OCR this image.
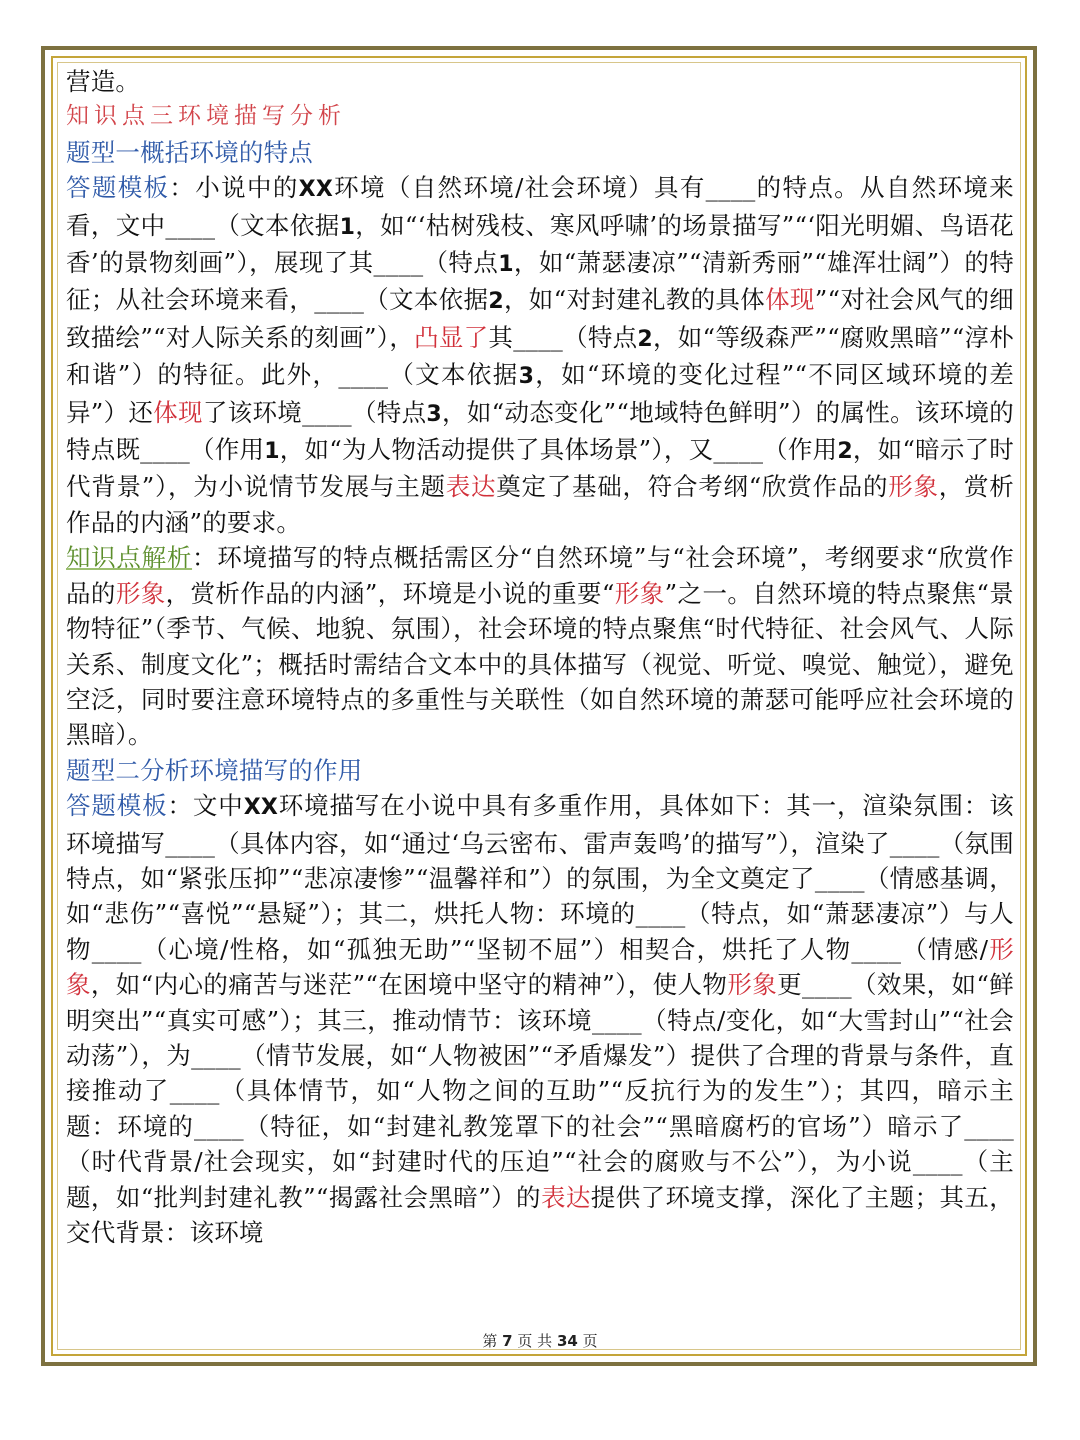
营造。

知识点三环境描写分析

题型一概括环境的特点

答题模板：小说中的XX环境（自然环境/社会环境）具有____的特点。从自然环境来看，文中____（文本依据1，如“‘枯树残枝、寒风呼啸’的场景描写”“‘阳光明媚、鸟语花香’的景物刻画”），展现了其____（特点1，如“萧瑟凄凉”“清新秀丽”“雄浑壮阔”）的特征；从社会环境来看，____（文本依据2，如“对封建礼教的具体体现”“对社会风气的细致描绘”“对人际关系的刻画”），凸显了其____（特点2，如“等级森严”“腐败黑暗”“淳朴和谐”）的特征。此外，____（文本依据3，如“环境的变化过程”“不同区域环境的差异”）还体现了该环境____（特点3，如“动态变化”“地域特色鲜明”）的属性。该环境的特点既____（作用1，如“为人物活动提供了具体场景”），又____（作用2，如“暗示了时代背景”），为小说情节发展与主题表达奠定了基础，符合考纲“欣赏作品的形象，赏析作品的内涵”的要求。

知识点解析：环境描写的特点概括需区分“自然环境”与“社会环境”，考纲要求“欣赏作品的形象，赏析作品的内涵”，环境是小说的重要“形象”之一。自然环境的特点聚焦“景物特征”（季节、气候、地貌、氛围），社会环境的特点聚焦“时代特征、社会风气、人际关系、制度文化”；概括时需结合文本中的具体描写（视觉、听觉、嗅觉、触觉），避免空泛，同时要注意环境特点的多重性与关联性（如自然环境的萧瑟可能呼应社会环境的黑暗）。

题型二分析环境描写的作用

答题模板：文中XX环境描写在小说中具有多重作用，具体如下：其一，渲染氛围：该环境描写____（具体内容，如“通过‘乌云密布、雷声轰鸣’的描写”），渲染了____（氛围特点，如“紧张压抑”“悲凉凄惨”“温馨祥和”）的氛围，为全文奠定了____（情感基调，如“悲伤”“喜悦”“悬疑”）；其二，烘托人物：环境的____（特点，如“萧瑟凄凉”）与人物____（心境/性格，如“孤独无助”“坚韧不屈”）相契合，烘托了人物____（情感/形象，如“内心的痛苦与迷茫”“在困境中坚守的精神”），使人物形象更____（效果，如“鲜明突出”“真实可感”）；其三，推动情节：该环境____（特点/变化，如“大雪封山”“社会动荡”），为____（情节发展，如“人物被困”“矛盾爆发”）提供了合理的背景与条件，直接推动了____（具体情节，如“人物之间的互助”“反抗行为的发生”）；其四，暗示主题：环境的____（特征，如“封建礼教笼罩下的社会”“黑暗腐朽的官场”）暗示了____（时代背景/社会现实，如“封建时代的压迫”“社会的腐败与不公”），为小说____（主题，如“批判封建礼教”“揭露社会黑暗”）的表达提供了环境支撑，深化了主题；其五，交代背景：该环境

第 7 页 共 34 页
